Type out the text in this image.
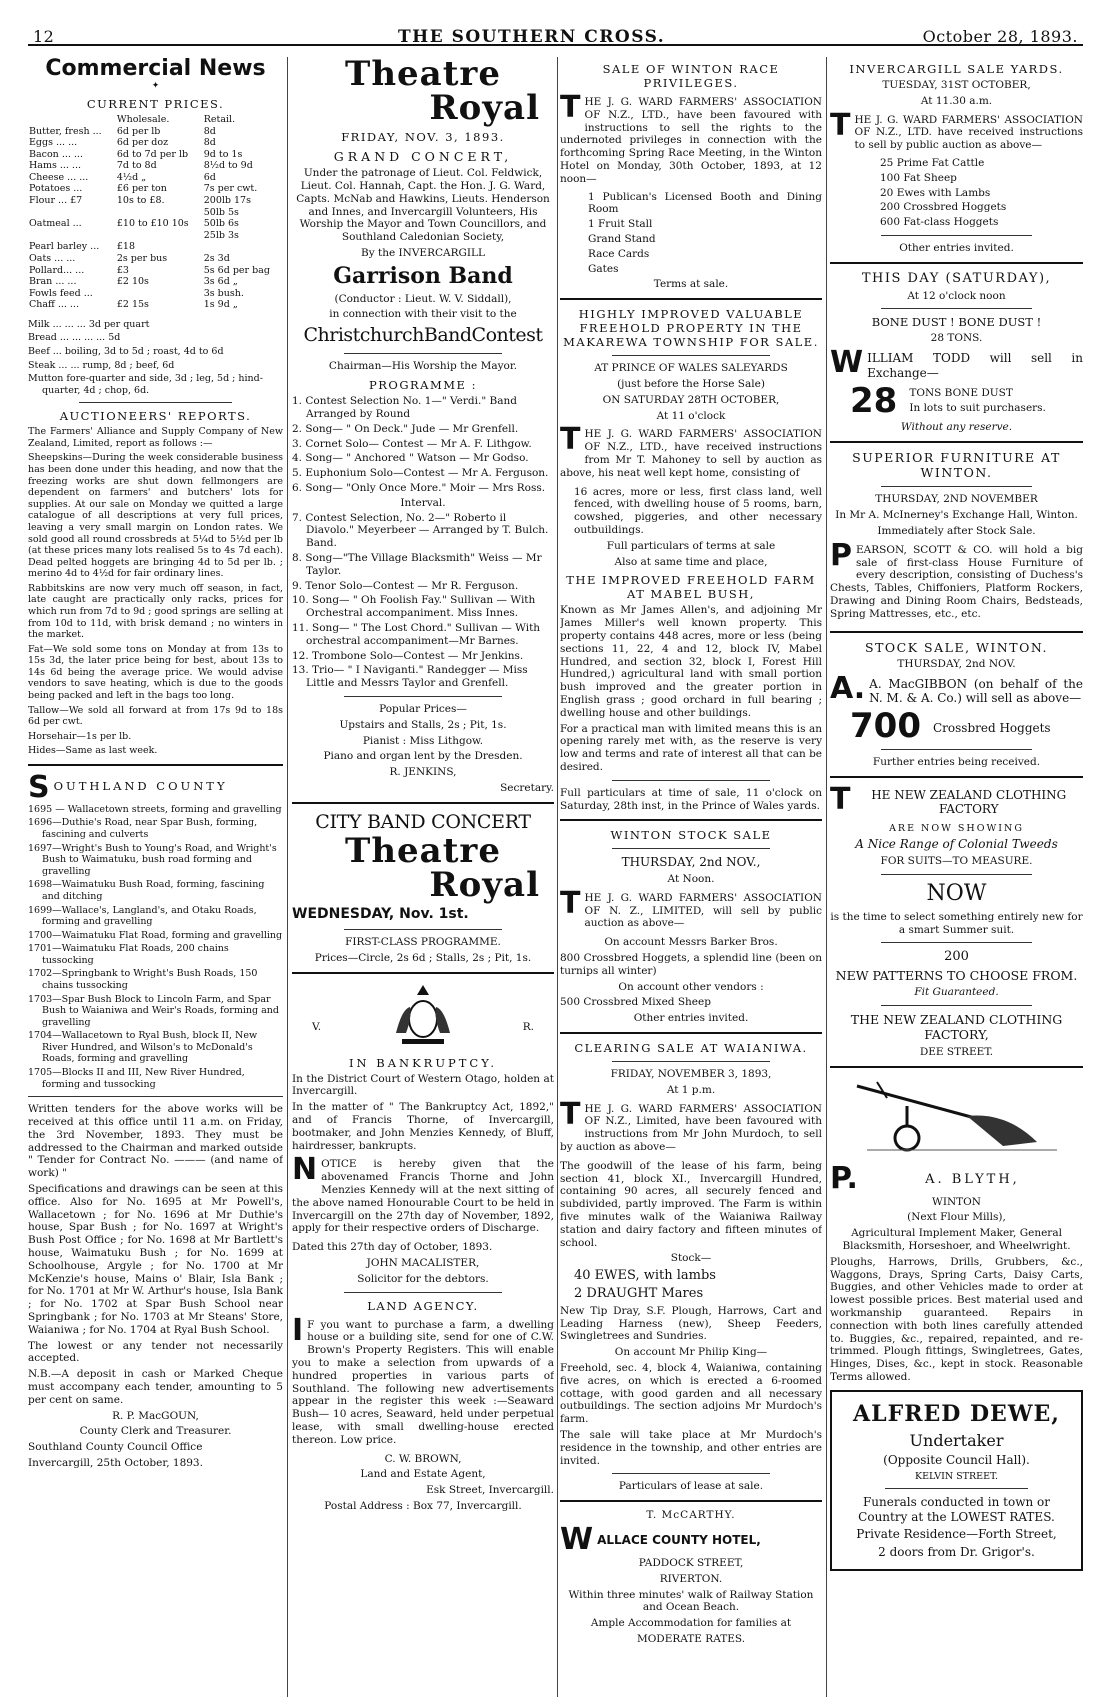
12	THE SOUTHERN CROSS.	October 28, 1893.
Commercial News
✦
CURRENT PRICES.
	Wholesale.	Retail.
Butter, fresh ...	6d per lb	8d
Eggs ... ...	6d per doz	8d
Bacon ... ...	6d to 7d per lb	9d to 1s
Hams ... ...	7d to 8d	8½d to 9d
Cheese ... ...	4½d „	6d
Potatoes ...	£6 per ton	7s per cwt.
Flour ... £7	10s to £8.	200lb 17s
		50lb 5s
Oatmeal ...	£10 to £10 10s	50lb 6s
		25lb 3s
Pearl barley ...	£18	
Oats ... ...	2s per bus	2s 3d
Pollard... ...	£3	5s 6d per bag
Bran ... ...	£2 10s	3s 6d „
Fowls feed ...		3s bush.
Chaff ... ...	£2 15s	1s 9d „

Milk ... ... ... 3d per quart

Bread ... ... ... ... 5d

Beef ... boiling, 3d to 5d ; roast, 4d to 6d

Steak ... ... rump, 8d ; beef, 6d

Mutton fore-quarter and side, 3d ; leg, 5d ; hind-quarter, 4d ; chop, 6d.

AUCTIONEERS' REPORTS.

The Farmers' Alliance and Supply Company of New Zealand, Limited, report as follows :—

Sheepskins—During the week considerable business has been done under this heading, and now that the freezing works are shut down fellmongers are dependent on farmers' and butchers' lots for supplies. At our sale on Monday we quitted a large catalogue of all descriptions at very full prices, leaving a very small margin on London rates. We sold good all round crossbreds at 5¼d to 5½d per lb (at these prices many lots realised 5s to 4s 7d each). Dead pelted hoggets are bringing 4d to 5d per lb. ; merino 4d to 4½d for fair ordinary lines.

Rabbitskins are now very much off season, in fact, late caught are practically only racks, prices for which run from 7d to 9d ; good springs are selling at from 10d to 11d, with brisk demand ; no winters in the market.

Fat—We sold some tons on Monday at from 13s to 15s 3d, the later price being for best, about 13s to 14s 6d being the average price. We would advise vendors to save heating, which is due to the goods being packed and left in the bags too long.

Tallow—We sold all forward at from 17s 9d to 18s 6d per cwt.

Horsehair—1s per lb.

Hides—Same as last week.

S OUTHLAND COUNTY

1695 — Wallacetown streets, forming and gravelling

1696—Duthie's Road, near Spar Bush, forming, fascining and culverts

1697—Wright's Bush to Young's Road, and Wright's Bush to Waimatuku, bush road forming and gravelling

1698—Waimatuku Bush Road, forming, fascining and ditching

1699—Wallace's, Langland's, and Otaku Roads, forming and gravelling

1700—Waimatuku Flat Road, forming and gravelling

1701—Waimatuku Flat Roads, 200 chains tussocking

1702—Springbank to Wright's Bush Roads, 150 chains tussocking

1703—Spar Bush Block to Lincoln Farm, and Spar Bush to Waianiwa and Weir's Roads, forming and gravelling

1704—Wallacetown to Ryal Bush, block II, New River Hundred, and Wilson's to McDonald's Roads, forming and gravelling

1705—Blocks II and III, New River Hundred, forming and tussocking

Written tenders for the above works will be received at this office until 11 a.m. on Friday, the 3rd November, 1893. They must be addressed to the Chairman and marked outside " Tender for Contract No. ——— (and name of work) "

Specifications and drawings can be seen at this office. Also for No. 1695 at Mr Powell's, Wallacetown ; for No. 1696 at Mr Duthie's house, Spar Bush ; for No. 1697 at Wright's Bush Post Office ; for No. 1698 at Mr Bartlett's house, Waimatuku Bush ; for No. 1699 at Schoolhouse, Argyle ; for No. 1700 at Mr McKenzie's house, Mains o' Blair, Isla Bank ; for No. 1701 at Mr W. Arthur's house, Isla Bank ; for No. 1702 at Spar Bush School near Springbank ; for No. 1703 at Mr Steans' Store, Waianiwa ; for No. 1704 at Ryal Bush School.

The lowest or any tender not necessarily accepted.

N.B.—A deposit in cash or Marked Cheque must accompany each tender, amounting to 5 per cent on same.

R. P. MacGOUN,

County Clerk and Treasurer.

Southland County Council Office

Invercargill, 25th October, 1893.

Theatre
Royal
FRIDAY, NOV. 3, 1893.
GRAND CONCERT,

Under the patronage of Lieut. Col. Feldwick, Lieut. Col. Hannah, Capt. the Hon. J. G. Ward, Capts. McNab and Hawkins, Lieuts. Henderson and Innes, and Invercargill Volunteers, His Worship the Mayor and Town Councillors, and Southland Caledonian Society,

By the INVERCARGILL

Garrison Band

(Conductor : Lieut. W. V. Siddall),

in connection with their visit to the

ChristchurchBandContest

Chairman—His Worship the Mayor.

PROGRAMME :

1. Contest Selection No. 1—" Verdi." Band Arranged by Round

2. Song— " On Deck." Jude — Mr Grenfell.

3. Cornet Solo— Contest — Mr A. F. Lithgow.

4. Song— " Anchored " Watson — Mr Godso.

5. Euphonium Solo—Contest — Mr A. Ferguson.

6. Song— "Only Once More." Moir — Mrs Ross.

Interval.

7. Contest Selection, No. 2—" Roberto il Diavolo." Meyerbeer — Arranged by T. Bulch. Band.

8. Song—"The Village Blacksmith" Weiss — Mr Taylor.

9. Tenor Solo—Contest — Mr R. Ferguson.

10. Song— " Oh Foolish Fay." Sullivan — With Orchestral accompaniment. Miss Innes.

11. Song— " The Lost Chord." Sullivan — With orchestral accompaniment—Mr Barnes.

12. Trombone Solo—Contest — Mr Jenkins.

13. Trio— " I Naviganti." Randegger — Miss Little and Messrs Taylor and Grenfell.

Popular Prices—

Upstairs and Stalls, 2s ; Pit, 1s.

Pianist : Miss Lithgow.

Piano and organ lent by the Dresden.

R. JENKINS,

Secretary.

CITY BAND CONCERT
Theatre
Royal
WEDNESDAY, Nov. 1st.

FIRST-CLASS PROGRAMME.

Prices—Circle, 2s 6d ; Stalls, 2s ; Pit, 1s.

V.	R.
IN BANKRUPTCY.

In the District Court of Western Otago, holden at Invercargill.

In the matter of " The Bankruptcy Act, 1892," and of Francis Thorne, of Invercargill, bootmaker, and John Menzies Kennedy, of Bluff, hairdresser, bankrupts.

N OTICE is hereby given that the abovenamed Francis Thorne and John Menzies Kennedy will at the next sitting of the above named Honourable Court to be held in Invercargill on the 27th day of November, 1892, apply for their respective orders of Discharge.

Dated this 27th day of October, 1893.

JOHN MACALISTER,

Solicitor for the debtors.

LAND AGENCY.
I F you want to purchase a farm, a dwelling house or a building site, send for one of C.W. Brown's Property Registers. This will enable you to make a selection from upwards of a hundred properties in various parts of Southland. The following new advertisements appear in the register this week :—Seaward Bush— 10 acres, Seaward, held under perpetual lease, with small dwelling-house erected thereon. Low price.

C. W. BROWN,

Land and Estate Agent,

Esk Street, Invercargill.

Postal Address : Box 77, Invercargill.

SALE OF WINTON RACE PRIVILEGES.
T HE J. G. WARD FARMERS' ASSOCIATION OF N.Z., LTD., have been favoured with instructions to sell the rights to the undernoted privileges in connection with the forthcoming Spring Race Meeting, in the Winton Hotel on Monday, 30th October, 1893, at 12 noon—

1 Publican's Licensed Booth and Dining Room

1 Fruit Stall

Grand Stand

Race Cards

Gates

Terms at sale.

HIGHLY IMPROVED VALUABLE FREEHOLD PROPERTY IN THE MAKAREWA TOWNSHIP FOR SALE.

AT PRINCE OF WALES SALEYARDS

(just before the Horse Sale)

ON SATURDAY 28TH OCTOBER,

At 11 o'clock

T HE J. G. WARD FARMERS' ASSOCIATION OF N.Z., LTD., have received instructions from Mr T. Mahoney to sell by auction as above, his neat well kept home, consisting of

16 acres, more or less, first class land, well fenced, with dwelling house of 5 rooms, barn, cowshed, piggeries, and other necessary outbuildings.

Full particulars of terms at sale

Also at same time and place,

THE IMPROVED FREEHOLD FARM AT MABEL BUSH,

Known as Mr James Allen's, and adjoining Mr James Miller's well known property. This property contains 448 acres, more or less (being sections 11, 22, 4 and 12, block IV, Mabel Hundred, and section 32, block I, Forest Hill Hundred,) agricultural land with small portion bush improved and the greater portion in English grass ; good orchard in full bearing ; dwelling house and other buildings.

For a practical man with limited means this is an opening rarely met with, as the reserve is very low and terms and rate of interest all that can be desired.

Full particulars at time of sale, 11 o'clock on Saturday, 28th inst, in the Prince of Wales yards.

WINTON STOCK SALE

THURSDAY, 2nd NOV.,

At Noon.

T HE J. G. WARD FARMERS' ASSOCIATION OF N. Z., LIMITED, will sell by public auction as above—

On account Messrs Barker Bros.

800 Crossbred Hoggets, a splendid line (been on turnips all winter)

On account other vendors :

500 Crossbred Mixed Sheep

Other entries invited.

CLEARING SALE AT WAIANIWA.

FRIDAY, NOVEMBER 3, 1893,

At 1 p.m.

T HE J. G. WARD FARMERS' ASSOCIATION OF N.Z., Limited, have been favoured with instructions from Mr John Murdoch, to sell by auction as above—

The goodwill of the lease of his farm, being section 41, block XI., Invercargill Hundred, containing 90 acres, all securely fenced and subdivided, partly improved. The Farm is within five minutes walk of the Waianiwa Railway station and dairy factory and fifteen minutes of school.

Stock—

40 EWES, with lambs

2 DRAUGHT Mares

New Tip Dray, S.F. Plough, Harrows, Cart and Leading Harness (new), Sheep Feeders, Swingletrees and Sundries.

On account Mr Philip King—

Freehold, sec. 4, block 4, Waianiwa, containing five acres, on which is erected a 6-roomed cottage, with good garden and all necessary outbuildings. The section adjoins Mr Murdoch's farm.

The sale will take place at Mr Murdoch's residence in the township, and other entries are invited.

Particulars of lease at sale.

T. McCARTHY.

W ALLACE COUNTY HOTEL,

PADDOCK STREET,

RIVERTON.

Within three minutes' walk of Railway Station and Ocean Beach.

Ample Accommodation for families at

MODERATE RATES.

INVERCARGILL SALE YARDS.

TUESDAY, 31ST OCTOBER,

At 11.30 a.m.

T HE J. G. WARD FARMERS' ASSOCIATION OF N.Z., LTD. have received instructions to sell by public auction as above—

25 Prime Fat Cattle

100 Fat Sheep

20 Ewes with Lambs

200 Crossbred Hoggets

600 Fat-class Hoggets

Other entries invited.

THIS DAY (SATURDAY),

At 12 o'clock noon

BONE DUST ! BONE DUST !

28 TONS.

W ILLIAM TODD will sell in Exchange—

28	TONS BONE DUST

In lots to suit purchasers.

Without any reserve.

SUPERIOR FURNITURE AT WINTON.

THURSDAY, 2ND NOVEMBER

In Mr A. McInerney's Exchange Hall, Winton.

Immediately after Stock Sale.

P EARSON, SCOTT & CO. will hold a big sale of first-class House Furniture of every description, consisting of Duchess's Chests, Tables, Chiffoniers, Platform Rockers, Drawing and Dining Room Chairs, Bedsteads, Spring Mattresses, etc., etc.

STOCK SALE, WINTON.

THURSDAY, 2nd NOV.

A. A. MacGIBBON (on behalf of the N. M. & A. Co.) will sell as above—

700	Crossbred Hoggets

Further entries being received.

T	HE NEW ZEALAND CLOTHING FACTORY

ARE NOW SHOWING

A Nice Range of Colonial Tweeds

FOR SUITS—TO MEASURE.

NOW

is the time to select something entirely new for a smart Summer suit.

200

NEW PATTERNS TO CHOOSE FROM.

Fit Guaranteed.

THE NEW ZEALAND CLOTHING FACTORY,

DEE STREET.

P.	A. BLYTH,

WINTON

(Next Flour Mills),

Agricultural Implement Maker, General Blacksmith, Horseshoer, and Wheelwright.

Ploughs, Harrows, Drills, Grubbers, &c., Waggons, Drays, Spring Carts, Daisy Carts, Buggies, and other Vehicles made to order at lowest possible prices. Best material used and workmanship guaranteed. Repairs in connection with both lines carefully attended to. Buggies, &c., repaired, repainted, and re-trimmed. Plough fittings, Swingletrees, Gates, Hinges, Dises, &c., kept in stock. Reasonable Terms allowed.

ALFRED DEWE,

Undertaker

(Opposite Council Hall).

KELVIN STREET.

Funerals conducted in town or Country at the LOWEST RATES.

Private Residence—Forth Street,

2 doors from Dr. Grigor's.
